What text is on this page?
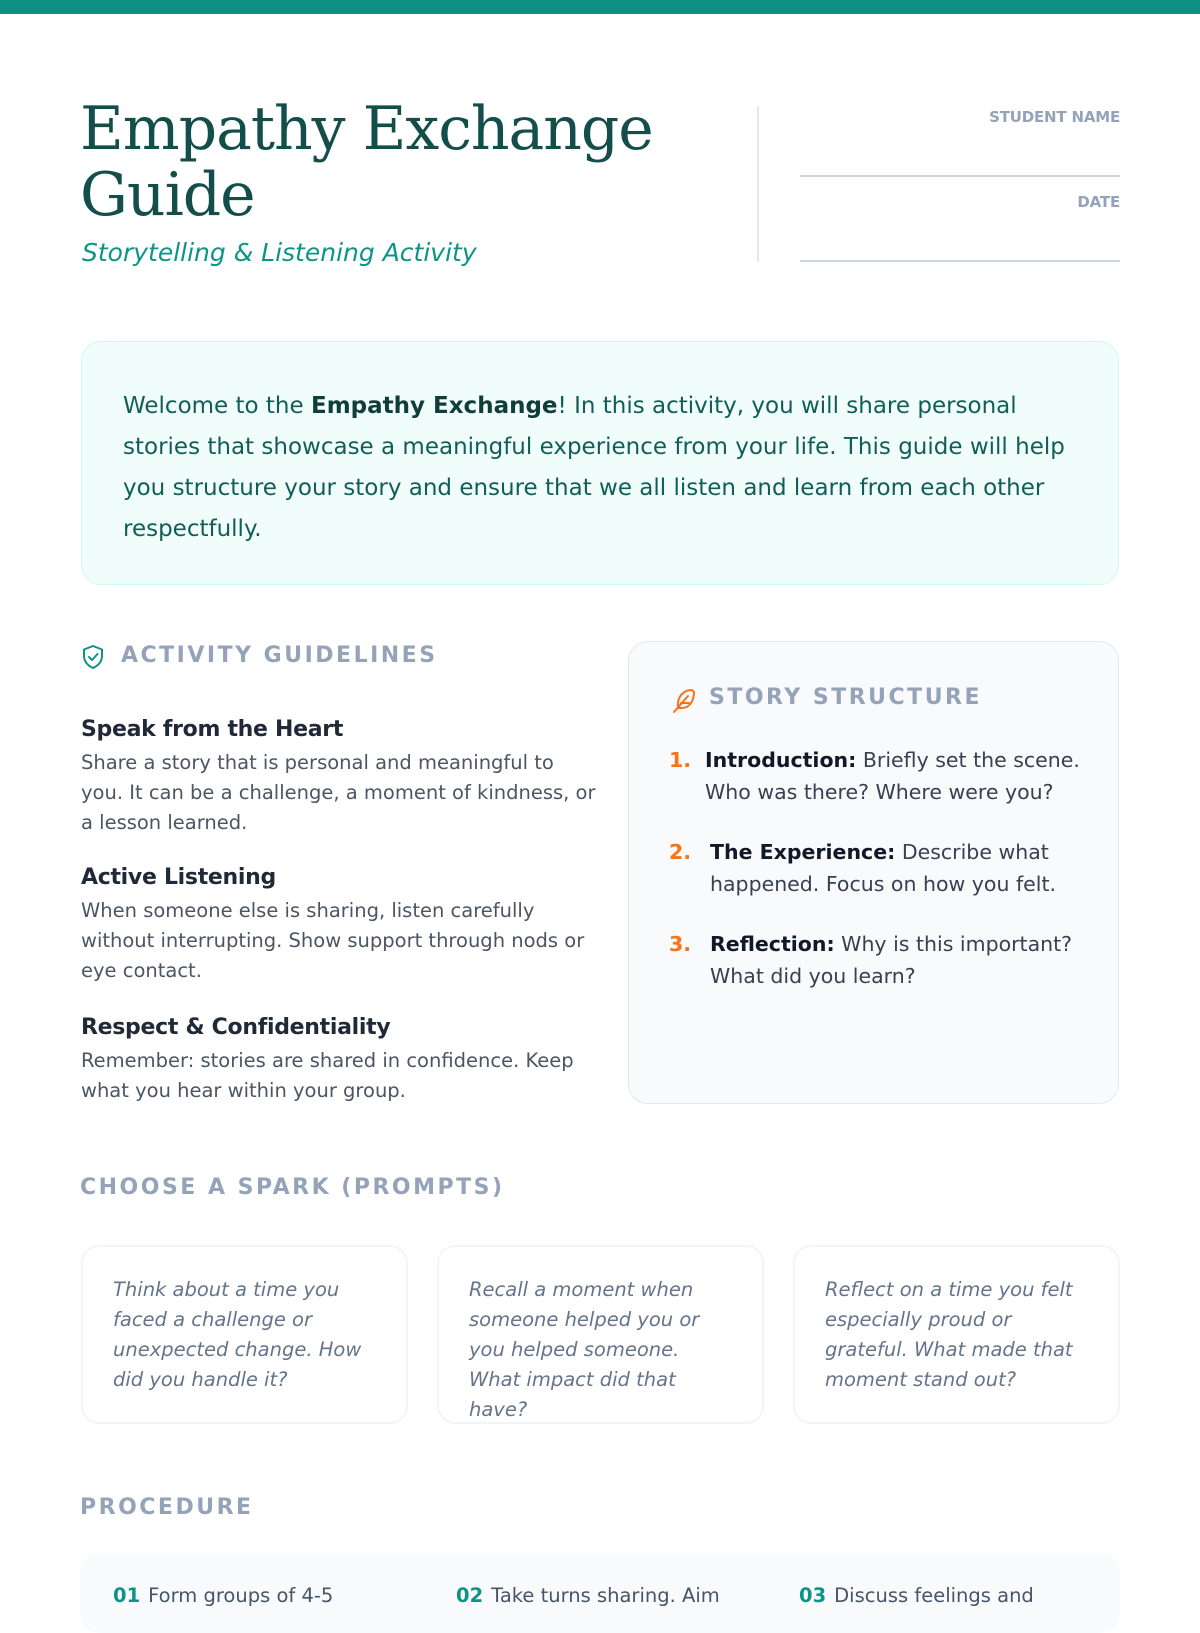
Empathy Exchange Guide

Storytelling & Listening Activity

STUDENT NAME
DATE

Welcome to the Empathy Exchange! In this activity, you will share personal stories that showcase a meaningful experience from your life. This guide will help you structure your story and ensure that we all listen and learn from each other respectfully.

ACTIVITY GUIDELINES
Speak from the Heart

Share a story that is personal and meaningful to you. It can be a challenge, a moment of kindness, or a lesson learned.

Active Listening

When someone else is sharing, listen carefully without interrupting. Show support through nods or eye contact.

Respect & Confidentiality

Remember: stories are shared in confidence. Keep what you hear within your group.

STORY STRUCTURE
1. Introduction: Briefly set the scene. Who was there? Where were you?
2. The Experience: Describe what happened. Focus on how you felt.
3. Reflection: Why is this important? What did you learn?
CHOOSE A SPARK (PROMPTS)
Think about a time you faced a challenge or unexpected change. How did you handle it?
Recall a moment when someone helped you or you helped someone. What impact did that have?
Reflect on a time you felt especially proud or grateful. What made that moment stand out?
PROCEDURE
01 Form groups of 4-5	02 Take turns sharing. Aim	03 Discuss feelings and
